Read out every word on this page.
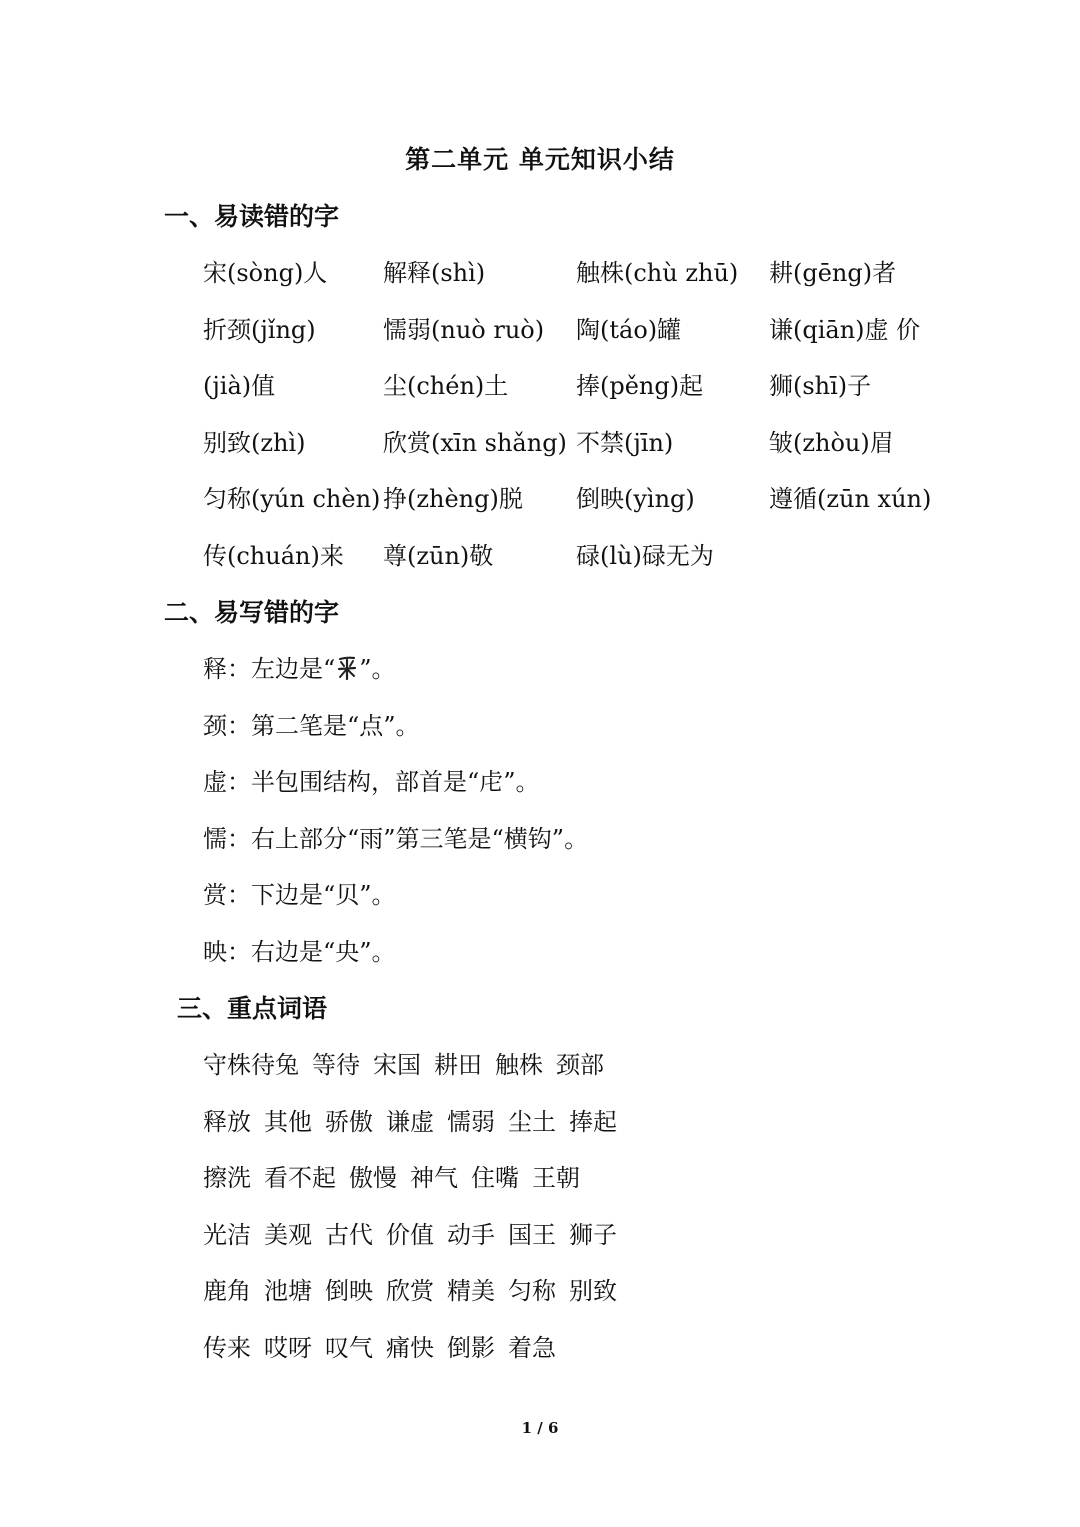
第二单元 单元知识小结
一、易读错的字
宋(sòng)人	解释(shì)	触株(chù zhū)	耕(gēng)者
折颈(jǐng)	懦弱(nuò ruò)	陶(táo)罐	谦(qiān)虚 价
(jià)值	尘(chén)土	捧(pěng)起	狮(shī)子
别致(zhì)	欣赏(xīn shǎng) 不禁(jīn)	皱(zhòu)眉
匀称(yún chèn) 挣(zhèng)脱	倒映(yìng)	遵循(zūn xún)
传(chuán)来	尊(zūn)敬	碌(lù)碌无为
二、易写错的字
释：左边是“ ”。
颈：第二笔是“点”。
虚：半包围结构，部首是“虍”。
懦：右上部分“雨”第三笔是“横钩”。
赏：下边是“贝”。
映：右边是“央”。
三、重点词语
守株待兔 等待 宋国 耕田 触株 颈部
释放 其他 骄傲 谦虚 懦弱 尘土 捧起
擦洗 看不起 傲慢 神气 住嘴 王朝
光洁 美观 古代 价值 动手 国王 狮子
鹿角 池塘 倒映 欣赏 精美 匀称 别致
传来 哎呀 叹气 痛快 倒影 着急
1 / 6
